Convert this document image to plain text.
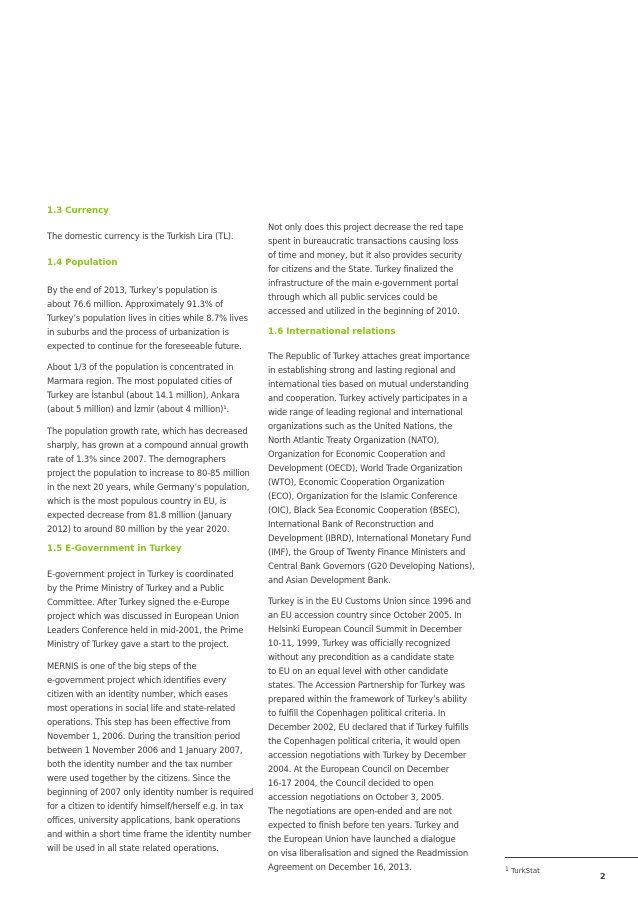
1.3 Currency
The domestic currency is the Turkish Lira (TL).
1.4 Population
By the end of 2013, Turkey’s population is
about 76.6 million. Approximately 91.3% of
Turkey’s population lives in cities while 8.7% lives
in suburbs and the process of urbanization is
expected to continue for the foreseeable future.
About 1/3 of the population is concentrated in
Marmara region. The most populated cities of
Turkey are İstanbul (about 14.1 million), Ankara
(about 5 million) and İzmir (about 4 million)¹.
The population growth rate, which has decreased
sharply, has grown at a compound annual growth
rate of 1.3% since 2007. The demographers
project the population to increase to 80-85 million
in the next 20 years, while Germany’s population,
which is the most populous country in EU, is
expected decrease from 81.8 million (January
2012) to around 80 million by the year 2020.
1.5 E-Government in Turkey
E-government project in Turkey is coordinated
by the Prime Ministry of Turkey and a Public
Committee. After Turkey signed the e-Europe
project which was discussed in European Union
Leaders Conference held in mid-2001, the Prime
Ministry of Turkey gave a start to the project.
MERNIS is one of the big steps of the
e-government project which identifies every
citizen with an identity number, which eases
most operations in social life and state-related
operations. This step has been effective from
November 1, 2006. During the transition period
between 1 November 2006 and 1 January 2007,
both the identity number and the tax number
were used together by the citizens. Since the
beginning of 2007 only identity number is required
for a citizen to identify himself/herself e.g. in tax
offices, university applications, bank operations
and within a short time frame the identity number
will be used in all state related operations.
Not only does this project decrease the red tape
spent in bureaucratic transactions causing loss
of time and money, but it also provides security
for citizens and the State. Turkey finalized the
infrastructure of the main e-government portal
through which all public services could be
accessed and utilized in the beginning of 2010.
1.6 International relations
The Republic of Turkey attaches great importance
in establishing strong and lasting regional and
international ties based on mutual understanding
and cooperation. Turkey actively participates in a
wide range of leading regional and international
organizations such as the United Nations, the
North Atlantic Treaty Organization (NATO),
Organization for Economic Cooperation and
Development (OECD), World Trade Organization
(WTO), Economic Cooperation Organization
(ECO), Organization for the Islamic Conference
(OIC), Black Sea Economic Cooperation (BSEC),
International Bank of Reconstruction and
Development (IBRD), International Monetary Fund
(IMF), the Group of Twenty Finance Ministers and
Central Bank Governors (G20 Developing Nations),
and Asian Development Bank.
Turkey is in the EU Customs Union since 1996 and
an EU accession country since October 2005. In
Helsinki European Council Summit in December
10-11, 1999, Turkey was officially recognized
without any precondition as a candidate state
to EU on an equal level with other candidate
states. The Accession Partnership for Turkey was
prepared within the framework of Turkey’s ability
to fulfill the Copenhagen political criteria. In
December 2002, EU declared that if Turkey fulfills
the Copenhagen political criteria, it would open
accession negotiations with Turkey by December
2004. At the European Council on December
16-17 2004, the Council decided to open
accession negotiations on October 3, 2005.
The negotiations are open-ended and are not
expected to finish before ten years. Turkey and
the European Union have launched a dialogue
on visa liberalisation and signed the Readmission
Agreement on December 16, 2013.	$^1$ TurkStat
2
